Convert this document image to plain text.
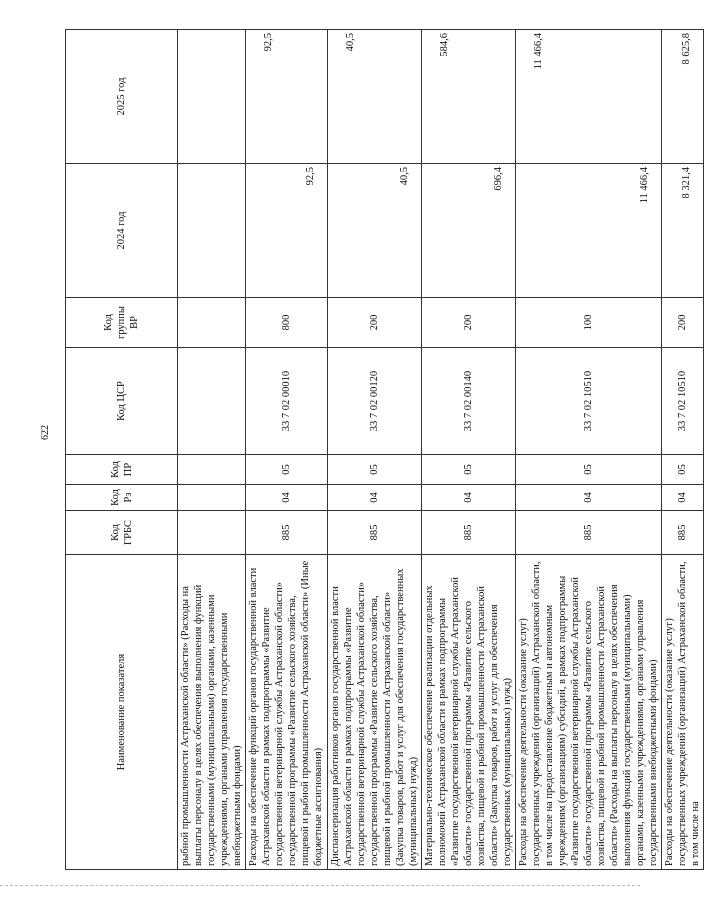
622
Наименование показателя	Код ГРБС	Код Рз	Код ПР	Код ЦСР	Код группы ВР	2024 год	2025 год
рыбной промышленности Астраханской области» (Расходы на выплаты персоналу в целях обеспечения выполнения функций государственными (муниципальными) органами, казенными учреждениями, органами управления государственными внебюджетными фондами)							
Расходы на обеспечение функций органов государственной власти Астраханской области в рамках подпрограммы «Развитие государственной ветеринарной службы Астраханской области» государственной программы «Развитие сельского хозяйства, пищевой и рыбной промышленности Астраханской области» (Иные бюджетные ассигнования)	885	04	05	33 7 02 00010	800	92,5	92,5
Диспансеризация работников органов государственной власти Астраханской области в рамках подпрограммы «Развитие государственной ветеринарной службы Астраханской области» государственной программы «Развитие сельского хозяйства, пищевой и рыбной промышленности Астраханской области» (Закупка товаров, работ и услуг для обеспечения государственных (муниципальных) нужд)	885	04	05	33 7 02 00120	200	40,5	40,5
Материально-техническое обеспечение реализации отдельных полномочий Астраханской области в рамках подпрограммы «Развитие государственной ветеринарной службы Астраханской области» государственной программы «Развитие сельского хозяйства, пищевой и рыбной промышленности Астраханской области» (Закупка товаров, работ и услуг для обеспечения государственных (муниципальных) нужд)	885	04	05	33 7 02 00140	200	696,4	584,6
Расходы на обеспечение деятельности (оказание услуг) государственных учреждений (организаций) Астраханской области, в том числе на предоставление бюджетным и автономным учреждениям (организациям) субсидий, в рамках подпрограммы «Развитие государственной ветеринарной службы Астраханской области» государственной программы «Развитие сельского хозяйства, пищевой и рыбной промышленности Астраханской области» (Расходы на выплаты персоналу в целях обеспечения выполнения функций государственными (муниципальными) органами, казенными учреждениями, органами управления государственными внебюджетными фондами)	885	04	05	33 7 02 10510	100	11 466,4	11 466,4
Расходы на обеспечение деятельности (оказание услуг) государственных учреждений (организаций) Астраханской области, в том числе на	885	04	05	33 7 02 10510	200	8 321,4	8 625,8
